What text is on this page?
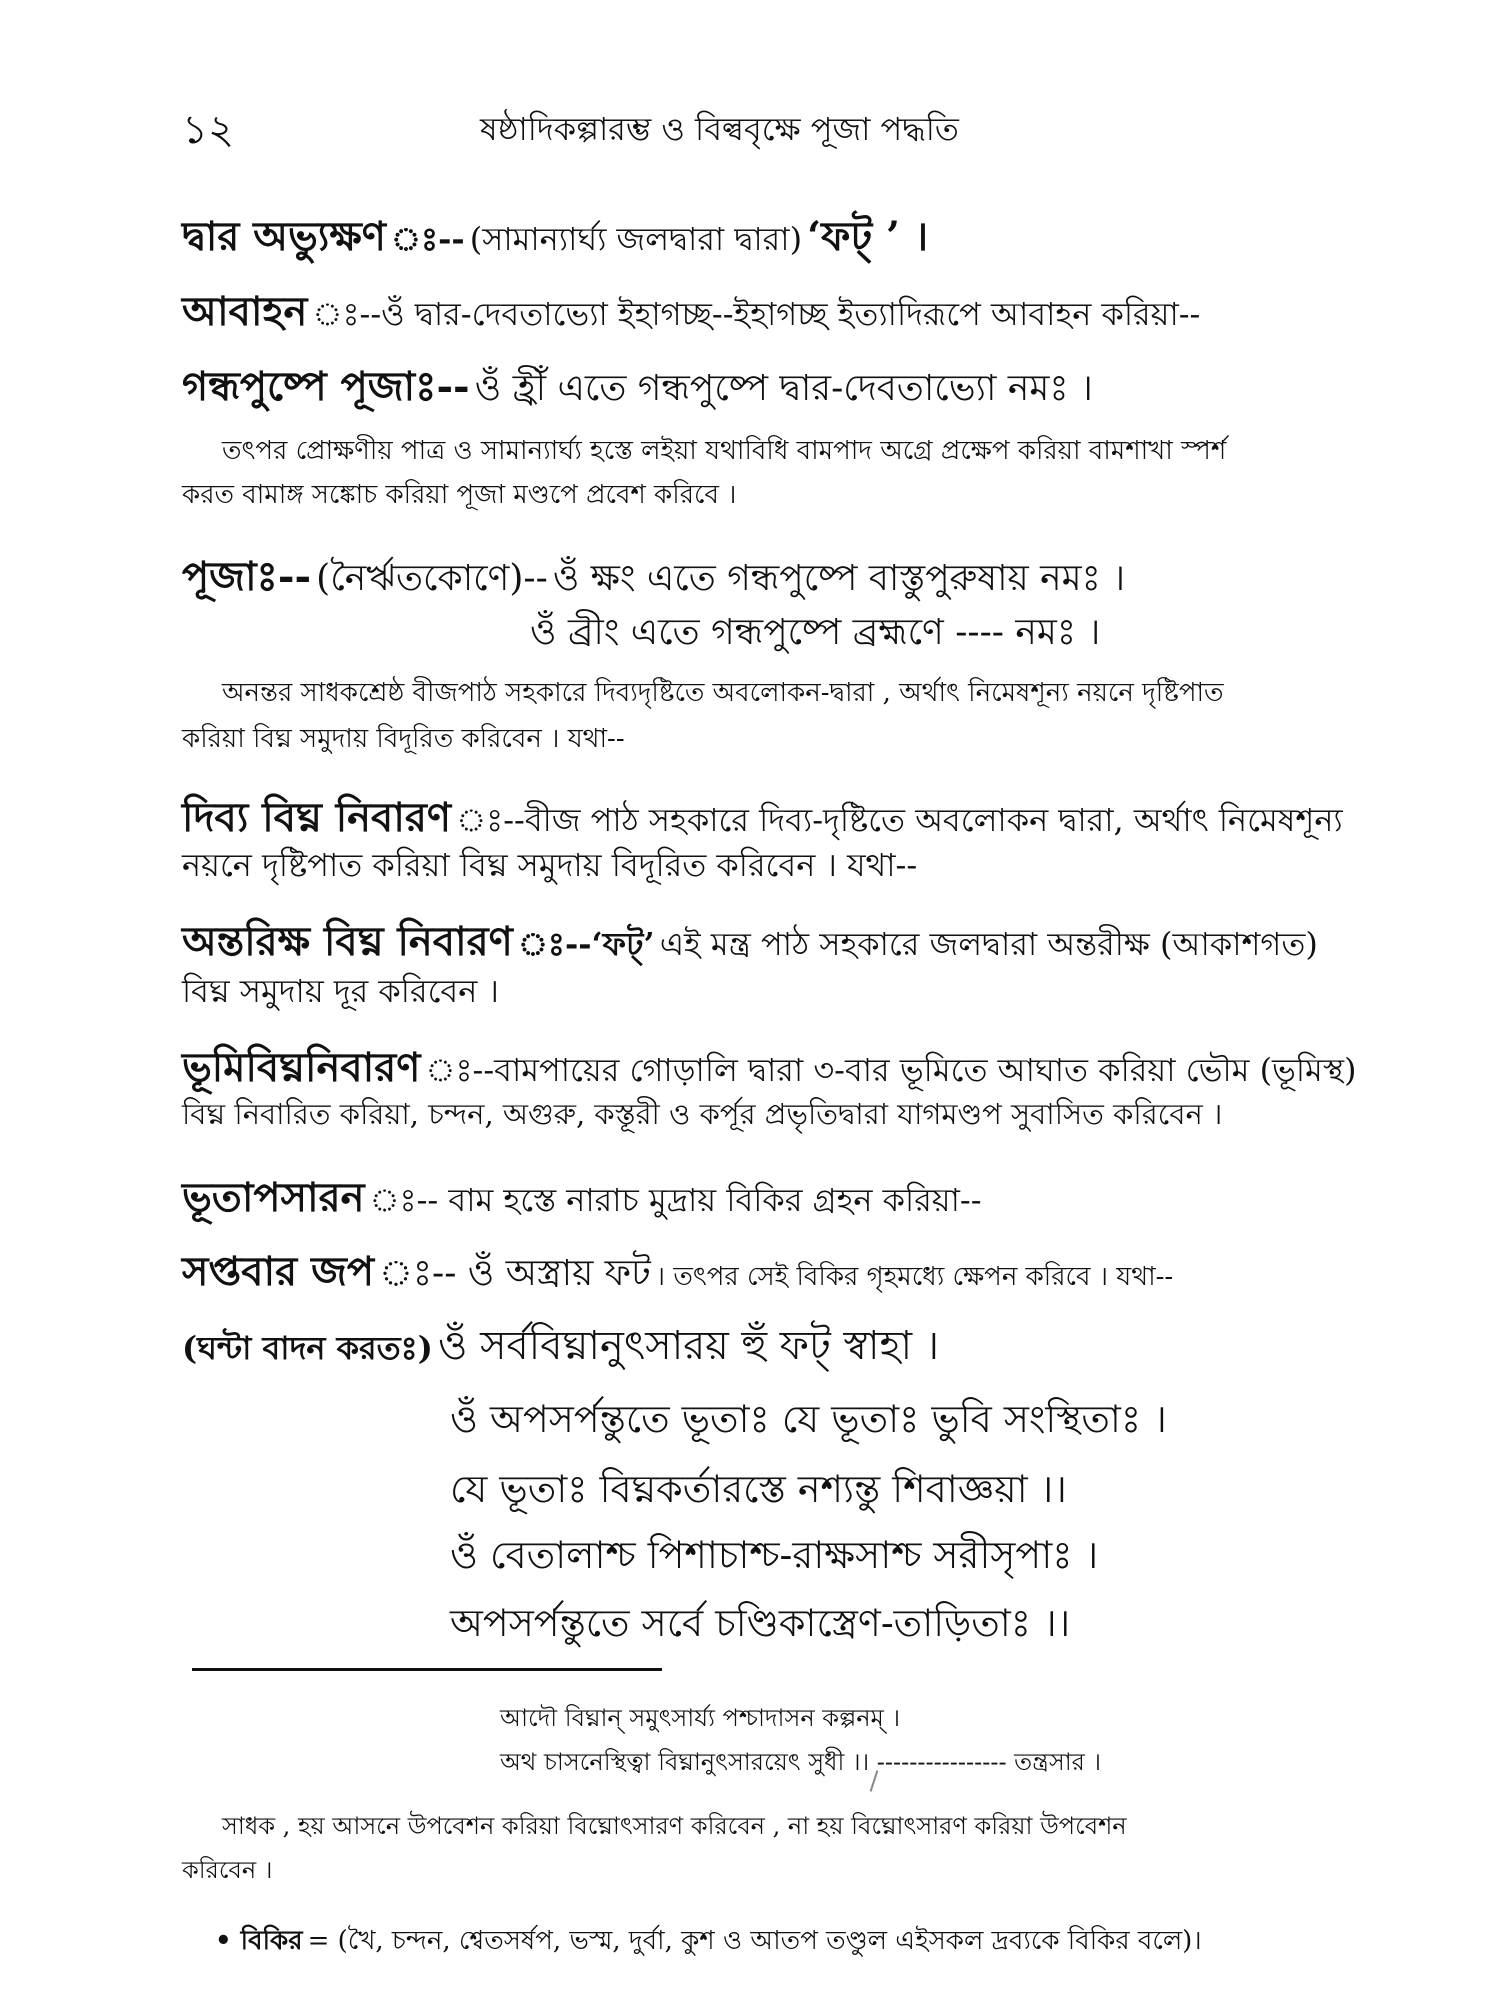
১২	ষষ্ঠাদিকল্পারম্ভ ও বিল্ববৃক্ষে পূজা পদ্ধতি
দ্বার অভ্যুক্ষণ ঃ-- (সামান্যার্ঘ্য জলদ্বারা দ্বারা) ‘ফট্ ’ ।
আবাহন ঃ--ওঁ দ্বার-দেবতাভ্যো ইহাগচ্ছ--ইহাগচ্ছ ইত্যাদিরূপে আবাহন করিয়া--
গন্ধপুষ্পে পূজাঃ-- ওঁ হ্রীঁ এতে গন্ধপুষ্পে দ্বার-দেবতাভ্যো নমঃ ।
তৎপর প্রোক্ষণীয় পাত্র ও সামান্যার্ঘ্য হস্তে লইয়া যথাবিধি বামপাদ অগ্রে প্রক্ষেপ করিয়া বামশাখা স্পর্শ
করত বামাঙ্গ সঙ্কোচ করিয়া পূজা মণ্ডপে প্রবেশ করিবে ।
পূজাঃ-- (নৈর্ঋতকোণে)-- ওঁ ক্ষং এতে গন্ধপুষ্পে বাস্তুপুরুষায় নমঃ ।
ওঁ ব্রীং এতে গন্ধপুষ্পে ব্রহ্মণে ---- নমঃ ।
অনন্তর সাধকশ্রেষ্ঠ বীজপাঠ সহকারে দিব্যদৃষ্টিতে অবলোকন-দ্বারা , অর্থাৎ নিমেষশূন্য নয়নে দৃষ্টিপাত
করিয়া বিঘ্ন সমুদায় বিদূরিত করিবেন । যথা--
দিব্য বিঘ্ন নিবারণ ঃ--বীজ পাঠ সহকারে দিব্য-দৃষ্টিতে অবলোকন দ্বারা, অর্থাৎ নিমেষশূন্য
নয়নে দৃষ্টিপাত করিয়া বিঘ্ন সমুদায় বিদূরিত করিবেন । যথা--
অন্তরিক্ষ বিঘ্ন নিবারণ ঃ--‘ফট্’ এই মন্ত্র পাঠ সহকারে জলদ্বারা অন্তরীক্ষ (আকাশগত)
বিঘ্ন সমুদায় দূর করিবেন ।
ভূমিবিঘ্ননিবারণ ঃ--বামপায়ের গোড়ালি দ্বারা ৩-বার ভূমিতে আঘাত করিয়া ভৌম (ভূমিস্থ)
বিঘ্ন নিবারিত করিয়া, চন্দন, অগুরু, কস্তূরী ও কর্পূর প্রভৃতিদ্বারা যাগমণ্ডপ সুবাসিত করিবেন ।
ভূতাপসারন ঃ-- বাম হস্তে নারাচ মুদ্রায় বিকির গ্রহন করিয়া--
সপ্তবার জপ ঃ-- ওঁ অস্ত্রায় ফট । তৎপর সেই বিকির গৃহমধ্যে ক্ষেপন করিবে । যথা--
(ঘন্টা বাদন করতঃ) ওঁ সর্ববিঘ্নানুৎসারয় হুঁ ফট্ স্বাহা ।
ওঁ অপসর্পন্তুতে ভূতাঃ যে ভূতাঃ ভুবি সংস্থিতাঃ ।
যে ভূতাঃ বিঘ্নকর্তারস্তে নশ্যন্তু শিবাজ্ঞয়া ।।
ওঁ বেতালাশ্চ পিশাচাশ্চ-রাক্ষসাশ্চ সরীসৃপাঃ ।
অপসর্পন্তুতে সর্বে চণ্ডিকাস্ত্রেণ-তাড়িতাঃ ।।
আদৌ বিঘ্নান্ সমুৎসার্য্য পশ্চাদাসন কল্পনম্ ।
অথ চাসনেস্থিত্বা বিঘ্নানুৎসারয়েৎ সুধী ।। ---------------- তন্ত্রসার ।
সাধক , হয় আসনে উপবেশন করিয়া বিঘ্নোৎসারণ করিবেন , না হয় বিঘ্নোৎসারণ করিয়া উপবেশন
করিবেন ।
• বিকির = (খৈ, চন্দন, শ্বেতসর্ষপ, ভস্ম, দুর্বা, কুশ ও আতপ তণ্ডুল এইসকল দ্রব্যকে বিকির বলে)।
